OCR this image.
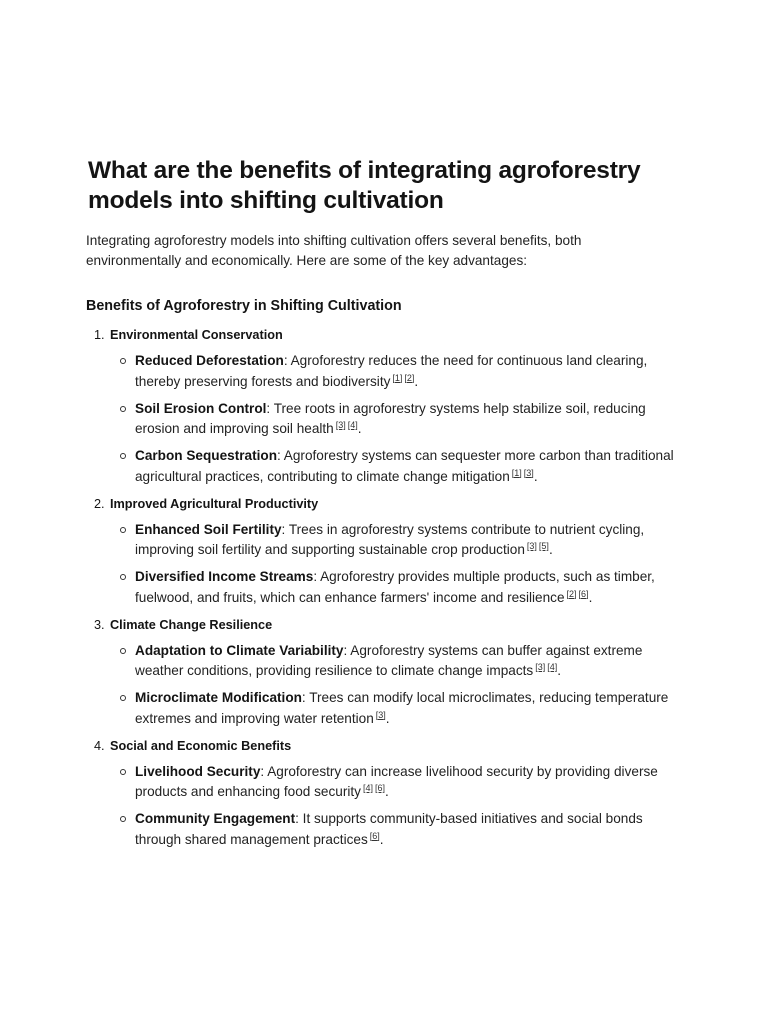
What are the benefits of integrating agroforestry models into shifting cultivation

Integrating agroforestry models into shifting cultivation offers several benefits, both environmentally and economically. Here are some of the key advantages:

Benefits of Agroforestry in Shifting Cultivation
1. Environmental Conservation
Reduced Deforestation: Agroforestry reduces the need for continuous land clearing, thereby preserving forests and biodiversity [1] [2].
Soil Erosion Control: Tree roots in agroforestry systems help stabilize soil, reducing erosion and improving soil health [3] [4].
Carbon Sequestration: Agroforestry systems can sequester more carbon than traditional agricultural practices, contributing to climate change mitigation [1] [3].
2. Improved Agricultural Productivity
Enhanced Soil Fertility: Trees in agroforestry systems contribute to nutrient cycling, improving soil fertility and supporting sustainable crop production [3] [5].
Diversified Income Streams: Agroforestry provides multiple products, such as timber, fuelwood, and fruits, which can enhance farmers' income and resilience [2] [6].
3. Climate Change Resilience
Adaptation to Climate Variability: Agroforestry systems can buffer against extreme weather conditions, providing resilience to climate change impacts [3] [4].
Microclimate Modification: Trees can modify local microclimates, reducing temperature extremes and improving water retention [3].
4. Social and Economic Benefits
Livelihood Security: Agroforestry can increase livelihood security by providing diverse products and enhancing food security [4] [6].
Community Engagement: It supports community-based initiatives and social bonds through shared management practices [6].
